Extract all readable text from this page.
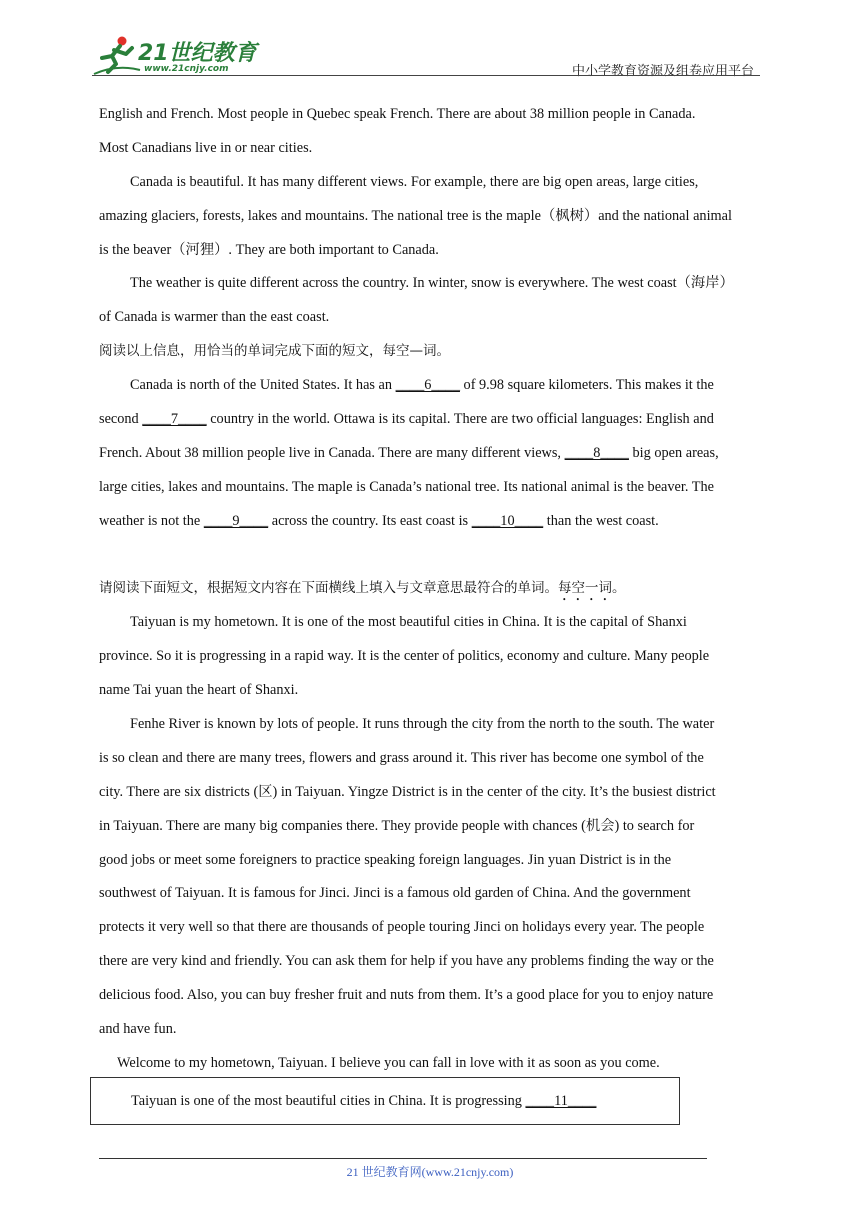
21世纪教育
www.21cnjy.com	中小学教育资源及组卷应用平台
English and French. Most people in Quebec speak French. There are about 38 million people in Canada.
Most Canadians live in or near cities.
Canada is beautiful. It has many different views. For example, there are big open areas, large cities,
amazing glaciers, forests, lakes and mountains. The national tree is the maple（枫树）and the national animal
is the beaver（河狸）. They are both important to Canada.
The weather is quite different across the country. In winter, snow is everywhere. The west coast（海岸）
of Canada is warmer than the east coast.
阅读以上信息，用恰当的单词完成下面的短文，每空—词。
Canada is north of the United States. It has an ____6____ of 9.98 square kilometers. This makes it the
second ____7____ country in the world. Ottawa is its capital. There are two official languages: English and
French. About 38 million people live in Canada. There are many different views, ____8____ big open areas,
large cities, lakes and mountains. The maple is Canada’s national tree. Its national animal is the beaver. The
weather is not the ____9____ across the country. Its east coast is ____10____ than the west coast.
请阅读下面短文，根据短文内容在下面横线上填入与文章意思最符合的单词。每空一词。
Taiyuan is my hometown. It is one of the most beautiful cities in China. It is the capital of Shanxi
province. So it is progressing in a rapid way. It is the center of politics, economy and culture. Many people
name Tai yuan the heart of Shanxi.
Fenhe River is known by lots of people. It runs through the city from the north to the south. The water
is so clean and there are many trees, flowers and grass around it. This river has become one symbol of the
city. There are six districts (区) in Taiyuan. Yingze District is in the center of the city. It’s the busiest district
in Taiyuan. There are many big companies there. They provide people with chances (机会) to search for
good jobs or meet some foreigners to practice speaking foreign languages. Jin yuan District is in the
southwest of Taiyuan. It is famous for Jinci. Jinci is a famous old garden of China. And the government
protects it very well so that there are thousands of people touring Jinci on holidays every year. The people
there are very kind and friendly. You can ask them for help if you have any problems finding the way or the
delicious food. Also, you can buy fresher fruit and nuts from them. It’s a good place for you to enjoy nature
and have fun.
Welcome to my hometown, Taiyuan. I believe you can fall in love with it as soon as you come.
Taiyuan is one of the most beautiful cities in China. It is progressing ____11____
21 世纪教育网(www.21cnjy.com)
